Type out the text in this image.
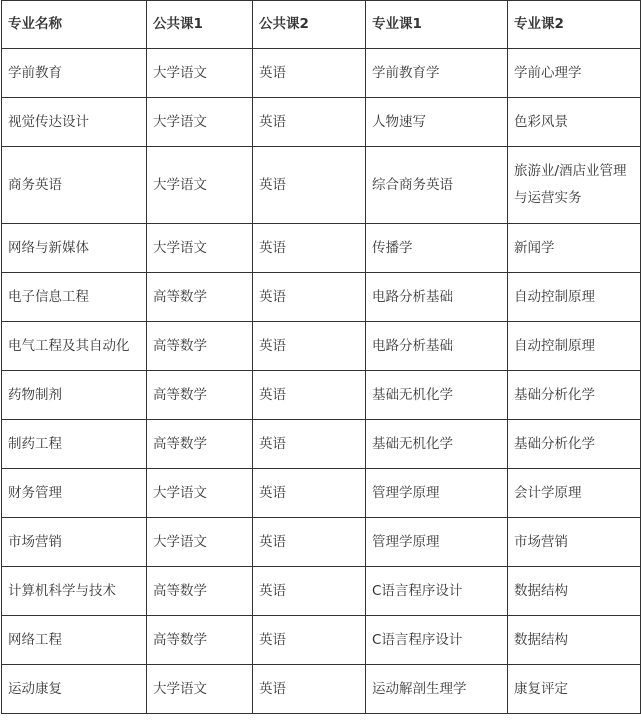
专业名称	公共课1	公共课2	专业课1	专业课2
学前教育	大学语文	英语	学前教育学	学前心理学
视觉传达设计	大学语文	英语	人物速写	色彩风景
商务英语	大学语文	英语	综合商务英语	旅游业/酒店业管理与运营实务
网络与新媒体	大学语文	英语	传播学	新闻学
电子信息工程	高等数学	英语	电路分析基础	自动控制原理
电气工程及其自动化	高等数学	英语	电路分析基础	自动控制原理
药物制剂	高等数学	英语	基础无机化学	基础分析化学
制药工程	高等数学	英语	基础无机化学	基础分析化学
财务管理	大学语文	英语	管理学原理	会计学原理
市场营销	大学语文	英语	管理学原理	市场营销
计算机科学与技术	高等数学	英语	C语言程序设计	数据结构
网络工程	高等数学	英语	C语言程序设计	数据结构
运动康复	大学语文	英语	运动解剖生理学	康复评定
